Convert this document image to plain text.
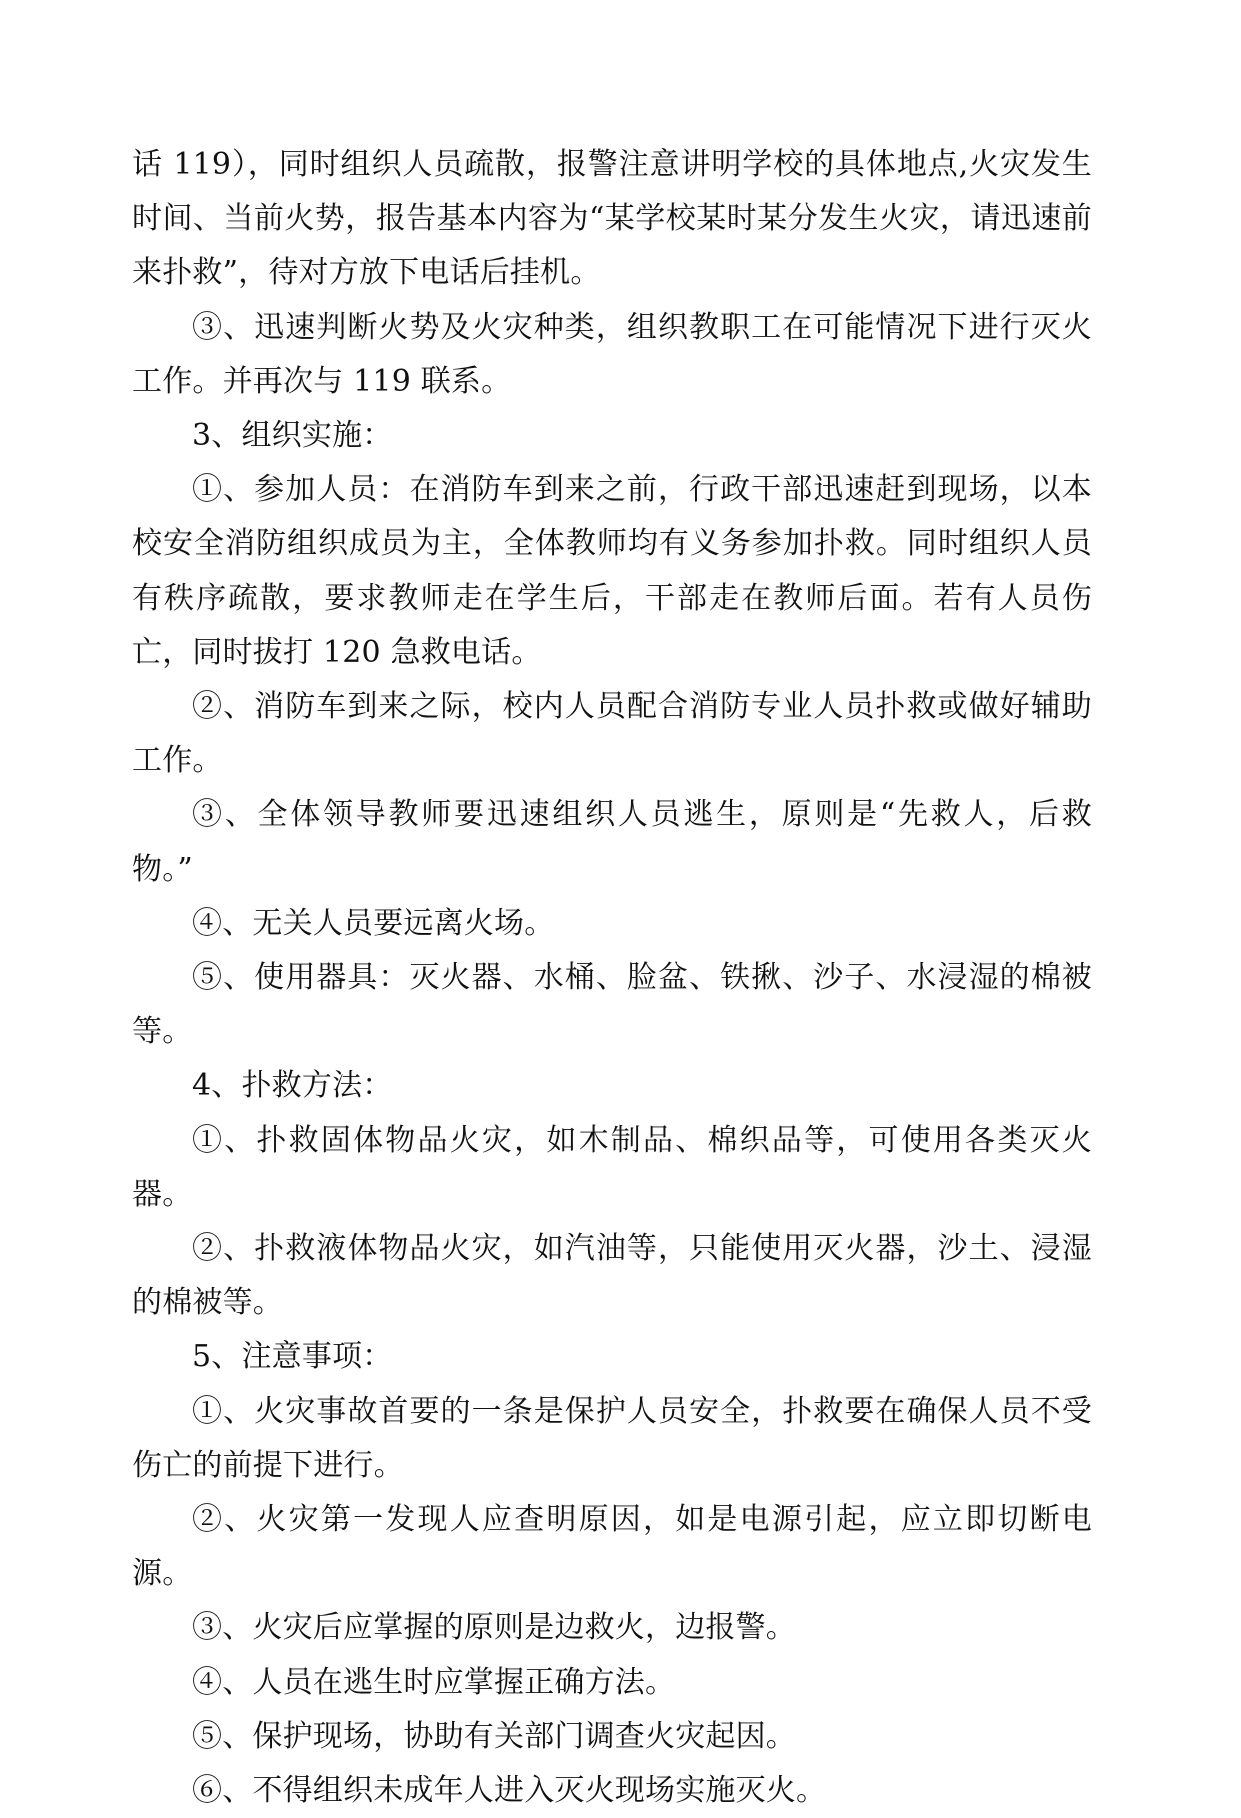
话 119），同时组织人员疏散，报警注意讲明学校的具体地点,火灾发生时间、当前火势，报告基本内容为“某学校某时某分发生火灾，请迅速前来扑救”，待对方放下电话后挂机。

③、迅速判断火势及火灾种类，组织教职工在可能情况下进行灭火工作。并再次与 119 联系。

3、组织实施：

①、参加人员：在消防车到来之前，行政干部迅速赶到现场，以本校安全消防组织成员为主，全体教师均有义务参加扑救。同时组织人员有秩序疏散，要求教师走在学生后，干部走在教师后面。若有人员伤亡，同时拔打 120 急救电话。

②、消防车到来之际，校内人员配合消防专业人员扑救或做好辅助工作。

③、全体领导教师要迅速组织人员逃生，原则是“先救人，后救 物。”

④、无关人员要远离火场。

⑤、使用器具：灭火器、水桶、脸盆、铁揪、沙子、水浸湿的棉被等。

4、扑救方法：

①、扑救固体物品火灾，如木制品、棉织品等，可使用各类灭火器。

②、扑救液体物品火灾，如汽油等，只能使用灭火器，沙土、浸湿的棉被等。

5、注意事项：

①、火灾事故首要的一条是保护人员安全，扑救要在确保人员不受伤亡的前提下进行。

②、火灾第一发现人应查明原因，如是电源引起，应立即切断电源。

③、火灾后应掌握的原则是边救火，边报警。

④、人员在逃生时应掌握正确方法。

⑤、保护现场，协助有关部门调查火灾起因。

⑥、不得组织未成年人进入灭火现场实施灭火。
